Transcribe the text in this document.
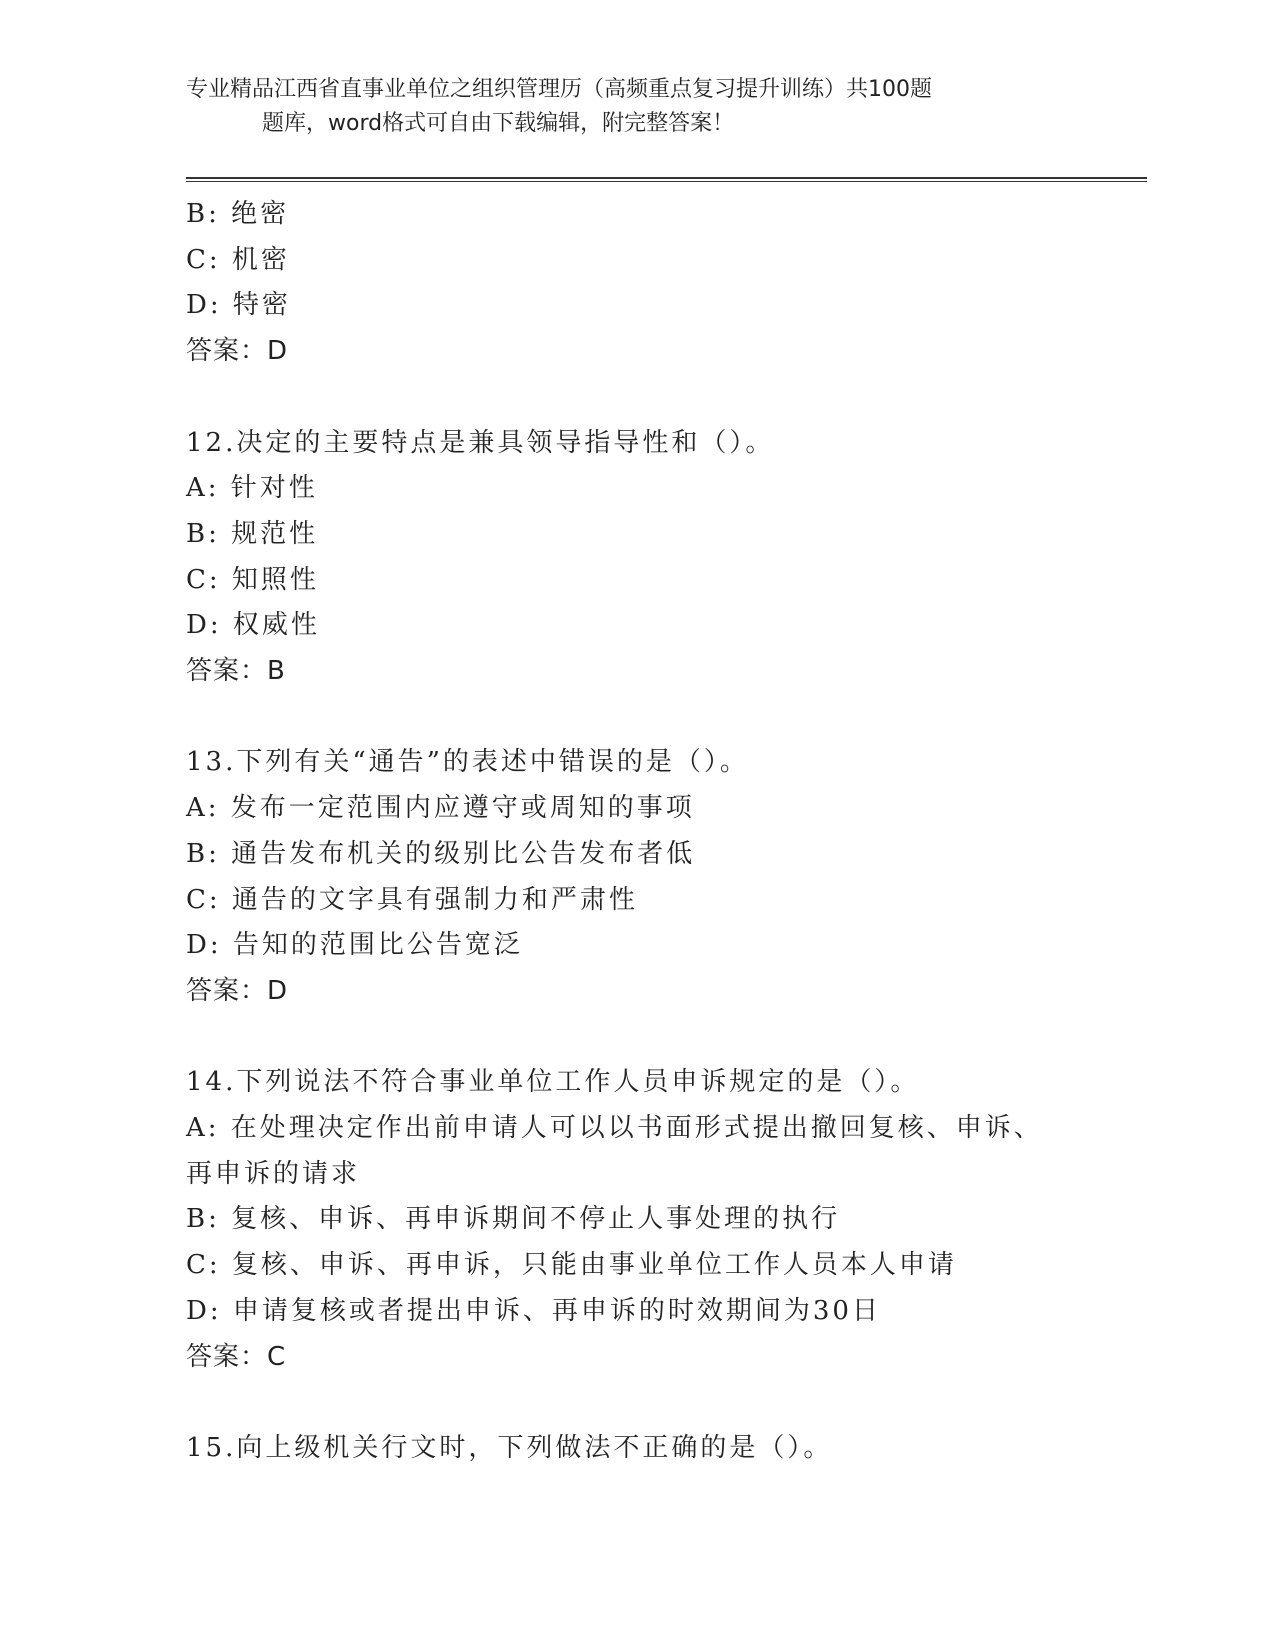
专业精品江西省直事业单位之组织管理历（高频重点复习提升训练）共100题
题库，word格式可自由下载编辑，附完整答案！
B: 绝密
C: 机密
D: 特密
答案：D
12.决定的主要特点是兼具领导指导性和（）。
A: 针对性
B: 规范性
C: 知照性
D: 权威性
答案：B
13.下列有关“通告”的表述中错误的是（）。
A: 发布一定范围内应遵守或周知的事项
B: 通告发布机关的级别比公告发布者低
C: 通告的文字具有强制力和严肃性
D: 告知的范围比公告宽泛
答案：D
14.下列说法不符合事业单位工作人员申诉规定的是（）。
A: 在处理决定作出前申请人可以以书面形式提出撤回复核、申诉、再申诉的请求
B: 复核、申诉、再申诉期间不停止人事处理的执行
C: 复核、申诉、再申诉，只能由事业单位工作人员本人申请
D: 申请复核或者提出申诉、再申诉的时效期间为30日
答案：C
15.向上级机关行文时，下列做法不正确的是（）。
